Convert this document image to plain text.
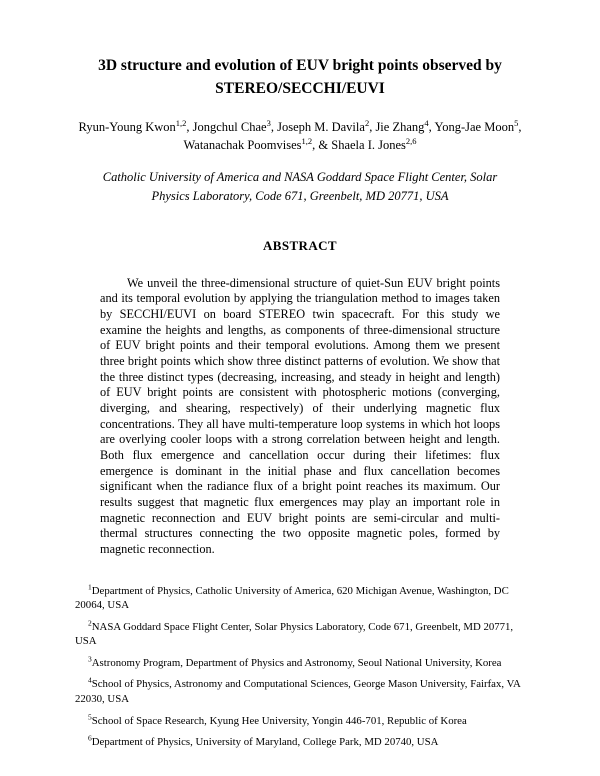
3D structure and evolution of EUV bright points observed by
STEREO/SECCHI/EUVI

Ryun-Young Kwon$^{1,2}$, Jongchul Chae$^3$, Joseph M. Davila$^2$, Jie Zhang$^4$, Yong-Jae Moon$^5$,
Watanachak Poomvises$^{1,2}$, & Shaela I. Jones$^{2,6}$

Catholic University of America and NASA Goddard Space Flight Center, Solar Physics Laboratory, Code 671, Greenbelt, MD 20771, USA

ABSTRACT

We unveil the three-dimensional structure of quiet-Sun EUV bright points and its temporal evolution by applying the triangulation method to images taken by SECCHI/EUVI on board STEREO twin spacecraft. For this study we examine the heights and lengths, as components of three-dimensional structure of EUV bright points and their temporal evolutions. Among them we present three bright points which show three distinct patterns of evolution. We show that the three distinct types (decreasing, increasing, and steady in height and length) of EUV bright points are consistent with photospheric motions (converging, diverging, and shearing, respectively) of their underlying magnetic flux concentrations. They all have multi-temperature loop systems in which hot loops are overlying cooler loops with a strong correlation between height and length. Both flux emergence and cancellation occur during their lifetimes: flux emergence is dominant in the initial phase and flux cancellation becomes significant when the radiance flux of a bright point reaches its maximum. Our results suggest that magnetic flux emergences may play an important role in magnetic reconnection and EUV bright points are semi-circular and multi-thermal structures connecting the two opposite magnetic poles, formed by magnetic reconnection.

$^1$Department of Physics, Catholic University of America, 620 Michigan Avenue, Washington, DC 20064, USA

$^2$NASA Goddard Space Flight Center, Solar Physics Laboratory, Code 671, Greenbelt, MD 20771, USA

$^3$Astronomy Program, Department of Physics and Astronomy, Seoul National University, Korea

$^4$School of Physics, Astronomy and Computational Sciences, George Mason University, Fairfax, VA 22030, USA

$^5$School of Space Research, Kyung Hee University, Yongin 446-701, Republic of Korea

$^6$Department of Physics, University of Maryland, College Park, MD 20740, USA
